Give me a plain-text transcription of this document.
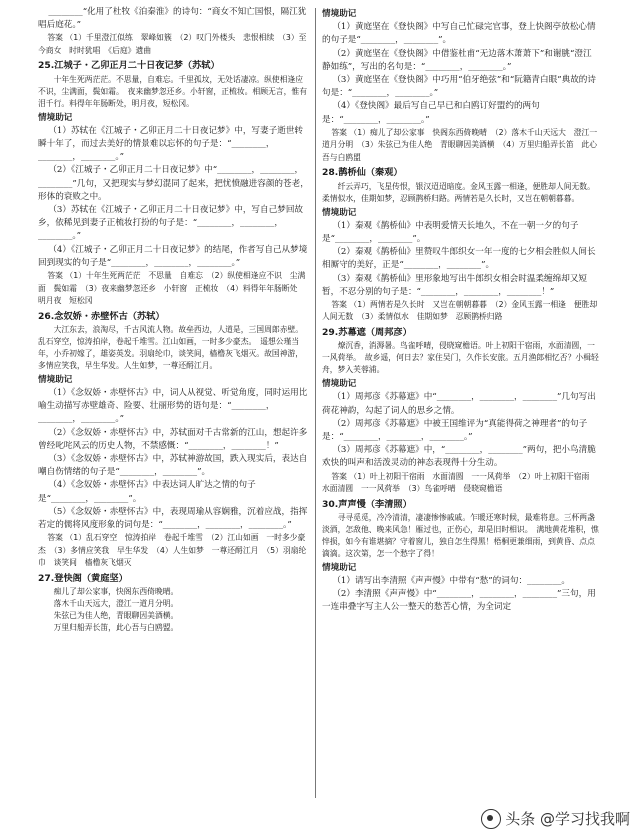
________“化用了杜牧《泊秦淮》的诗句：“商女不知亡国恨，隔江犹唱后庭花。”

答案 （1）千里澄江似练　翠峰如簇　（2）叹门外楼头　悲恨相续　（3）至今商女　时时犹唱　《后庭》遗曲

25.江城子・乙卯正月二十日夜记梦（苏轼）

十年生死两茫茫。不思量，自难忘。千里孤坟，无处话凄凉。纵使相逢应不识，尘满面，鬓如霜。　夜来幽梦忽还乡。小轩窗，正梳妆。相顾无言，惟有泪千行。料得年年肠断处，明月夜，短松冈。

情境助记

（1）苏轼在《江城子・乙卯正月二十日夜记梦》中，写妻子逝世转瞬十年了，而过去美好的情景难以忘怀的句子是：“________，________，________。”

（2）《江城子・乙卯正月二十日夜记梦》中“________，________，________”几句，又把现实与梦幻混同了起来，把忧愤融进容颜的苍老，形体的衰败之中。

（3）苏轼在《江城子・乙卯正月二十日夜记梦》中，写自己梦回故乡，依稀见到妻子正梳妆打扮的句子是：“________，________，________。”

（4）《江城子・乙卯正月二十日夜记梦》的结尾，作者写自己从梦境回到现实的句子是“________，________，________。”

答案 （1）十年生死两茫茫　不思量　自难忘　（2）纵使相逢应不识　尘满面　鬓如霜　（3）夜来幽梦忽还乡　小轩窗　正梳妆　（4）料得年年肠断处　明月夜　短松冈

26.念奴娇・赤壁怀古（苏轼）

大江东去，浪淘尽，千古风流人物。故垒西边，人道是，三国周郎赤壁。乱石穿空，惊涛拍岸，卷起千堆雪。江山如画，一时多少豪杰。　遥想公瑾当年，小乔初嫁了，雄姿英发。羽扇纶巾，谈笑间，樯橹灰飞烟灭。故国神游，多情应笑我，早生华发。人生如梦，一尊还酹江月。

情境助记

（1）《念奴娇・赤壁怀古》中，词人从视觉、听觉角度，同时运用比喻生动描写赤壁雄奇、险要、壮丽形势的语句是：“________，________，________。”

（2）《念奴娇・赤壁怀古》中，苏轼面对千古常新的江山，想起许多曾经叱咤风云的历史人物，不禁感慨：“________，________！”

（3）《念奴娇・赤壁怀古》中，苏轼神游故国，跌入现实后，表达自嘲自伤情绪的句子是“________，________”。

（4）《念奴娇・赤壁怀古》中表达词人旷达之情的句子是“________，________”。

（5）《念奴娇・赤壁怀古》中，表现周瑜从容娴雅，沉着应战，指挥若定的儒将风度形象的词句是：“________，________，________。”

答案 （1）乱石穿空　惊涛拍岸　卷起千堆雪　（2）江山如画　一时多少豪杰　（3）多情应笑我　早生华发　（4）人生如梦　一尊还酹江月　（5）羽扇纶巾　谈笑间　樯橹灰飞烟灭

27.登快阁（黄庭坚）

痴儿了却公家事，快阁东西倚晚晴。

落木千山天远大，澄江一道月分明。

朱弦已为佳人绝，青眼聊因美酒横。

万里归船弄长笛，此心吾与白鸥盟。

情境助记

（1）黄庭坚在《登快阁》中写自己忙碌完官事，登上快阁亭放松心情的句子是“________，________”。

（2）黄庭坚在《登快阁》中借鉴杜甫“无边落木萧萧下”和谢朓“澄江静如练”，写出的名句是：“________，________。”

（3）黄庭坚在《登快阁》中巧用“伯牙绝弦”和“阮籍青白眼”典故的诗句是：“________，________。”

（4）《登快阁》最后写自己早已和白鸥订好盟约的两句是：“________，________。”

答案 （1）痴儿了却公家事　快阁东西倚晚晴　（2）落木千山天远大　澄江一道月分明　（3）朱弦已为佳人绝　青眼聊因美酒横　（4）万里归船弄长笛　此心吾与白鸥盟

28.鹊桥仙（秦观）

纤云弄巧，飞星传恨，银汉迢迢暗度。金风玉露一相逢，便胜却人间无数。　柔情似水，佳期如梦，忍顾鹊桥归路。两情若是久长时，又岂在朝朝暮暮。

情境助记

（1）秦观《鹊桥仙》中表明爱情天长地久，不在一朝一夕的句子是“________，________”。

（2）秦观《鹊桥仙》里赞叹牛郎织女一年一度的七夕相会胜似人间长相厮守的美好，正是“________，________”。

（3）秦观《鹊桥仙》里形象地写出牛郎织女相会时温柔缠绵却又短暂，不忍分别的句子是：“________，________，________！”

答案 （1）两情若是久长时　又岂在朝朝暮暮　（2）金风玉露一相逢　便胜却人间无数　（3）柔情似水　佳期如梦　忍顾鹊桥归路

29.苏幕遮（周邦彦）

燎沉香，消溽暑。鸟雀呼晴，侵晓窥檐语。叶上初阳干宿雨，水面清圆，一一风荷举。　故乡遥，何日去？家住吴门，久作长安旅。五月渔郎相忆否？小楫轻舟，梦入芙蓉浦。

情境助记

（1）周邦彦《苏幕遮》中“________，________，________”几句写出荷花神韵，勾起了词人的思乡之情。

（2）周邦彦《苏幕遮》中被王国维评为“真能得荷之神理者”的句子是：“________，________，________。”

（3）周邦彦《苏幕遮》中，“________，________”两句，把小鸟清脆欢快的叫声和活泼灵动的神态表现得十分生动。

答案 （1）叶上初阳干宿雨　水面清圆　一一风荷举　（2）叶上初阳干宿雨　水面清圆　一一风荷举　（3）鸟雀呼晴　侵晓窥檐语

30.声声慢（李清照）

寻寻觅觅，冷冷清清，凄凄惨惨戚戚。乍暖还寒时候，最难将息。三杯两盏淡酒，怎敌他、晚来风急！雁过也，正伤心，却是旧时相识。　满地黄花堆积，憔悴损，如今有谁堪摘？守着窗儿，独自怎生得黑！梧桐更兼细雨，到黄昏、点点滴滴。这次第，怎一个愁字了得！

情境助记

（1）请写出李清照《声声慢》中带有“愁”的词句：________。

（2）李清照《声声慢》中“________，________，________”三句，用一连串叠字写主人公一整天的愁苦心情，为全词定

头条 @学习找我啊
